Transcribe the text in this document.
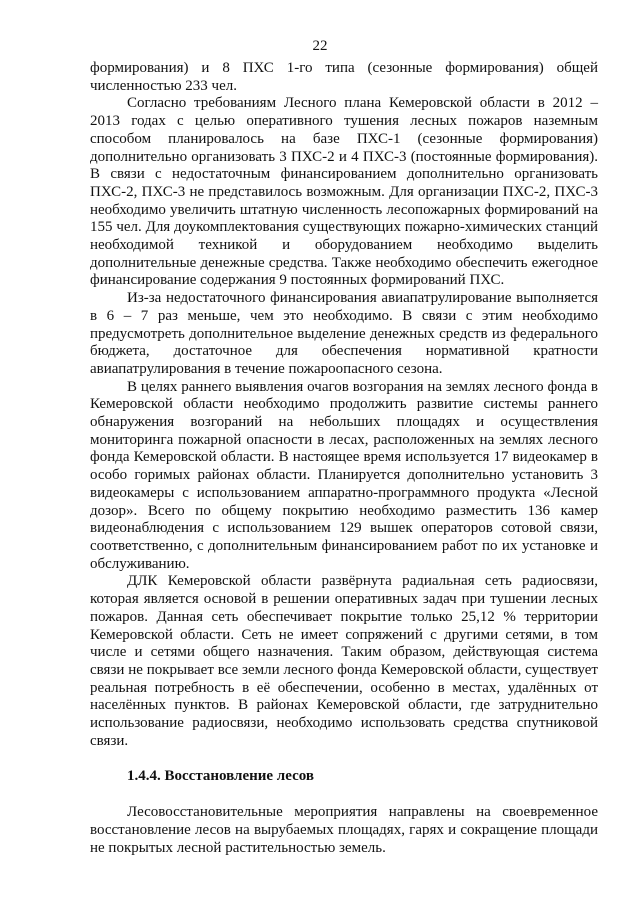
22

формирования) и 8 ПХС 1-го типа (сезонные формирования) общей численностью 233 чел.

Согласно требованиям Лесного плана Кемеровской области в 2012 – 2013 годах с целью оперативного тушения лесных пожаров наземным способом планировалось на базе ПХС-1 (сезонные формирования) дополнительно организовать 3 ПХС-2 и 4 ПХС-3 (постоянные формирования). В связи с недостаточным финансированием дополнительно организовать ПХС-2, ПХС-3 не представилось возможным. Для организации ПХС-2, ПХС-3 необходимо увеличить штатную численность лесопожарных формирований на 155 чел. Для доукомплектования существующих пожарно-химических станций необходимой техникой и оборудованием необходимо выделить дополнительные денежные средства. Также необходимо обеспечить ежегодное финансирование содержания 9 постоянных формирований ПХС.

Из-за недостаточного финансирования авиапатрулирование выполняется в 6 – 7 раз меньше, чем это необходимо. В связи с этим необходимо предусмотреть дополнительное выделение денежных средств из федерального бюджета, достаточное для обеспечения нормативной кратности авиапатрулирования в течение пожароопасного сезона.

В целях раннего выявления очагов возгорания на землях лесного фонда в Кемеровской области необходимо продолжить развитие системы раннего обнаружения возгораний на небольших площадях и осуществления мониторинга пожарной опасности в лесах, расположенных на землях лесного фонда Кемеровской области. В настоящее время используется 17 видеокамер в особо горимых районах области. Планируется дополнительно установить 3 видеокамеры с использованием аппаратно-программного продукта «Лесной дозор». Всего по общему покрытию необходимо разместить 136 камер видеонаблюдения с использованием 129 вышек операторов сотовой связи, соответственно, с дополнительным финансированием работ по их установке и обслуживанию.

ДЛК Кемеровской области развёрнута радиальная сеть радиосвязи, которая является основой в решении оперативных задач при тушении лесных пожаров. Данная сеть обеспечивает покрытие только 25,12 % территории Кемеровской области. Сеть не имеет сопряжений с другими сетями, в том числе и сетями общего назначения. Таким образом, действующая система связи не покрывает все земли лесного фонда Кемеровской области, существует реальная потребность в её обеспечении, особенно в местах, удалённых от населённых пунктов. В районах Кемеровской области, где затруднительно использование радиосвязи, необходимо использовать средства спутниковой связи.

1.4.4. Восстановление лесов

Лесовосстановительные мероприятия направлены на своевременное восстановление лесов на вырубаемых площадях, гарях и сокращение площади не покрытых лесной растительностью земель.
